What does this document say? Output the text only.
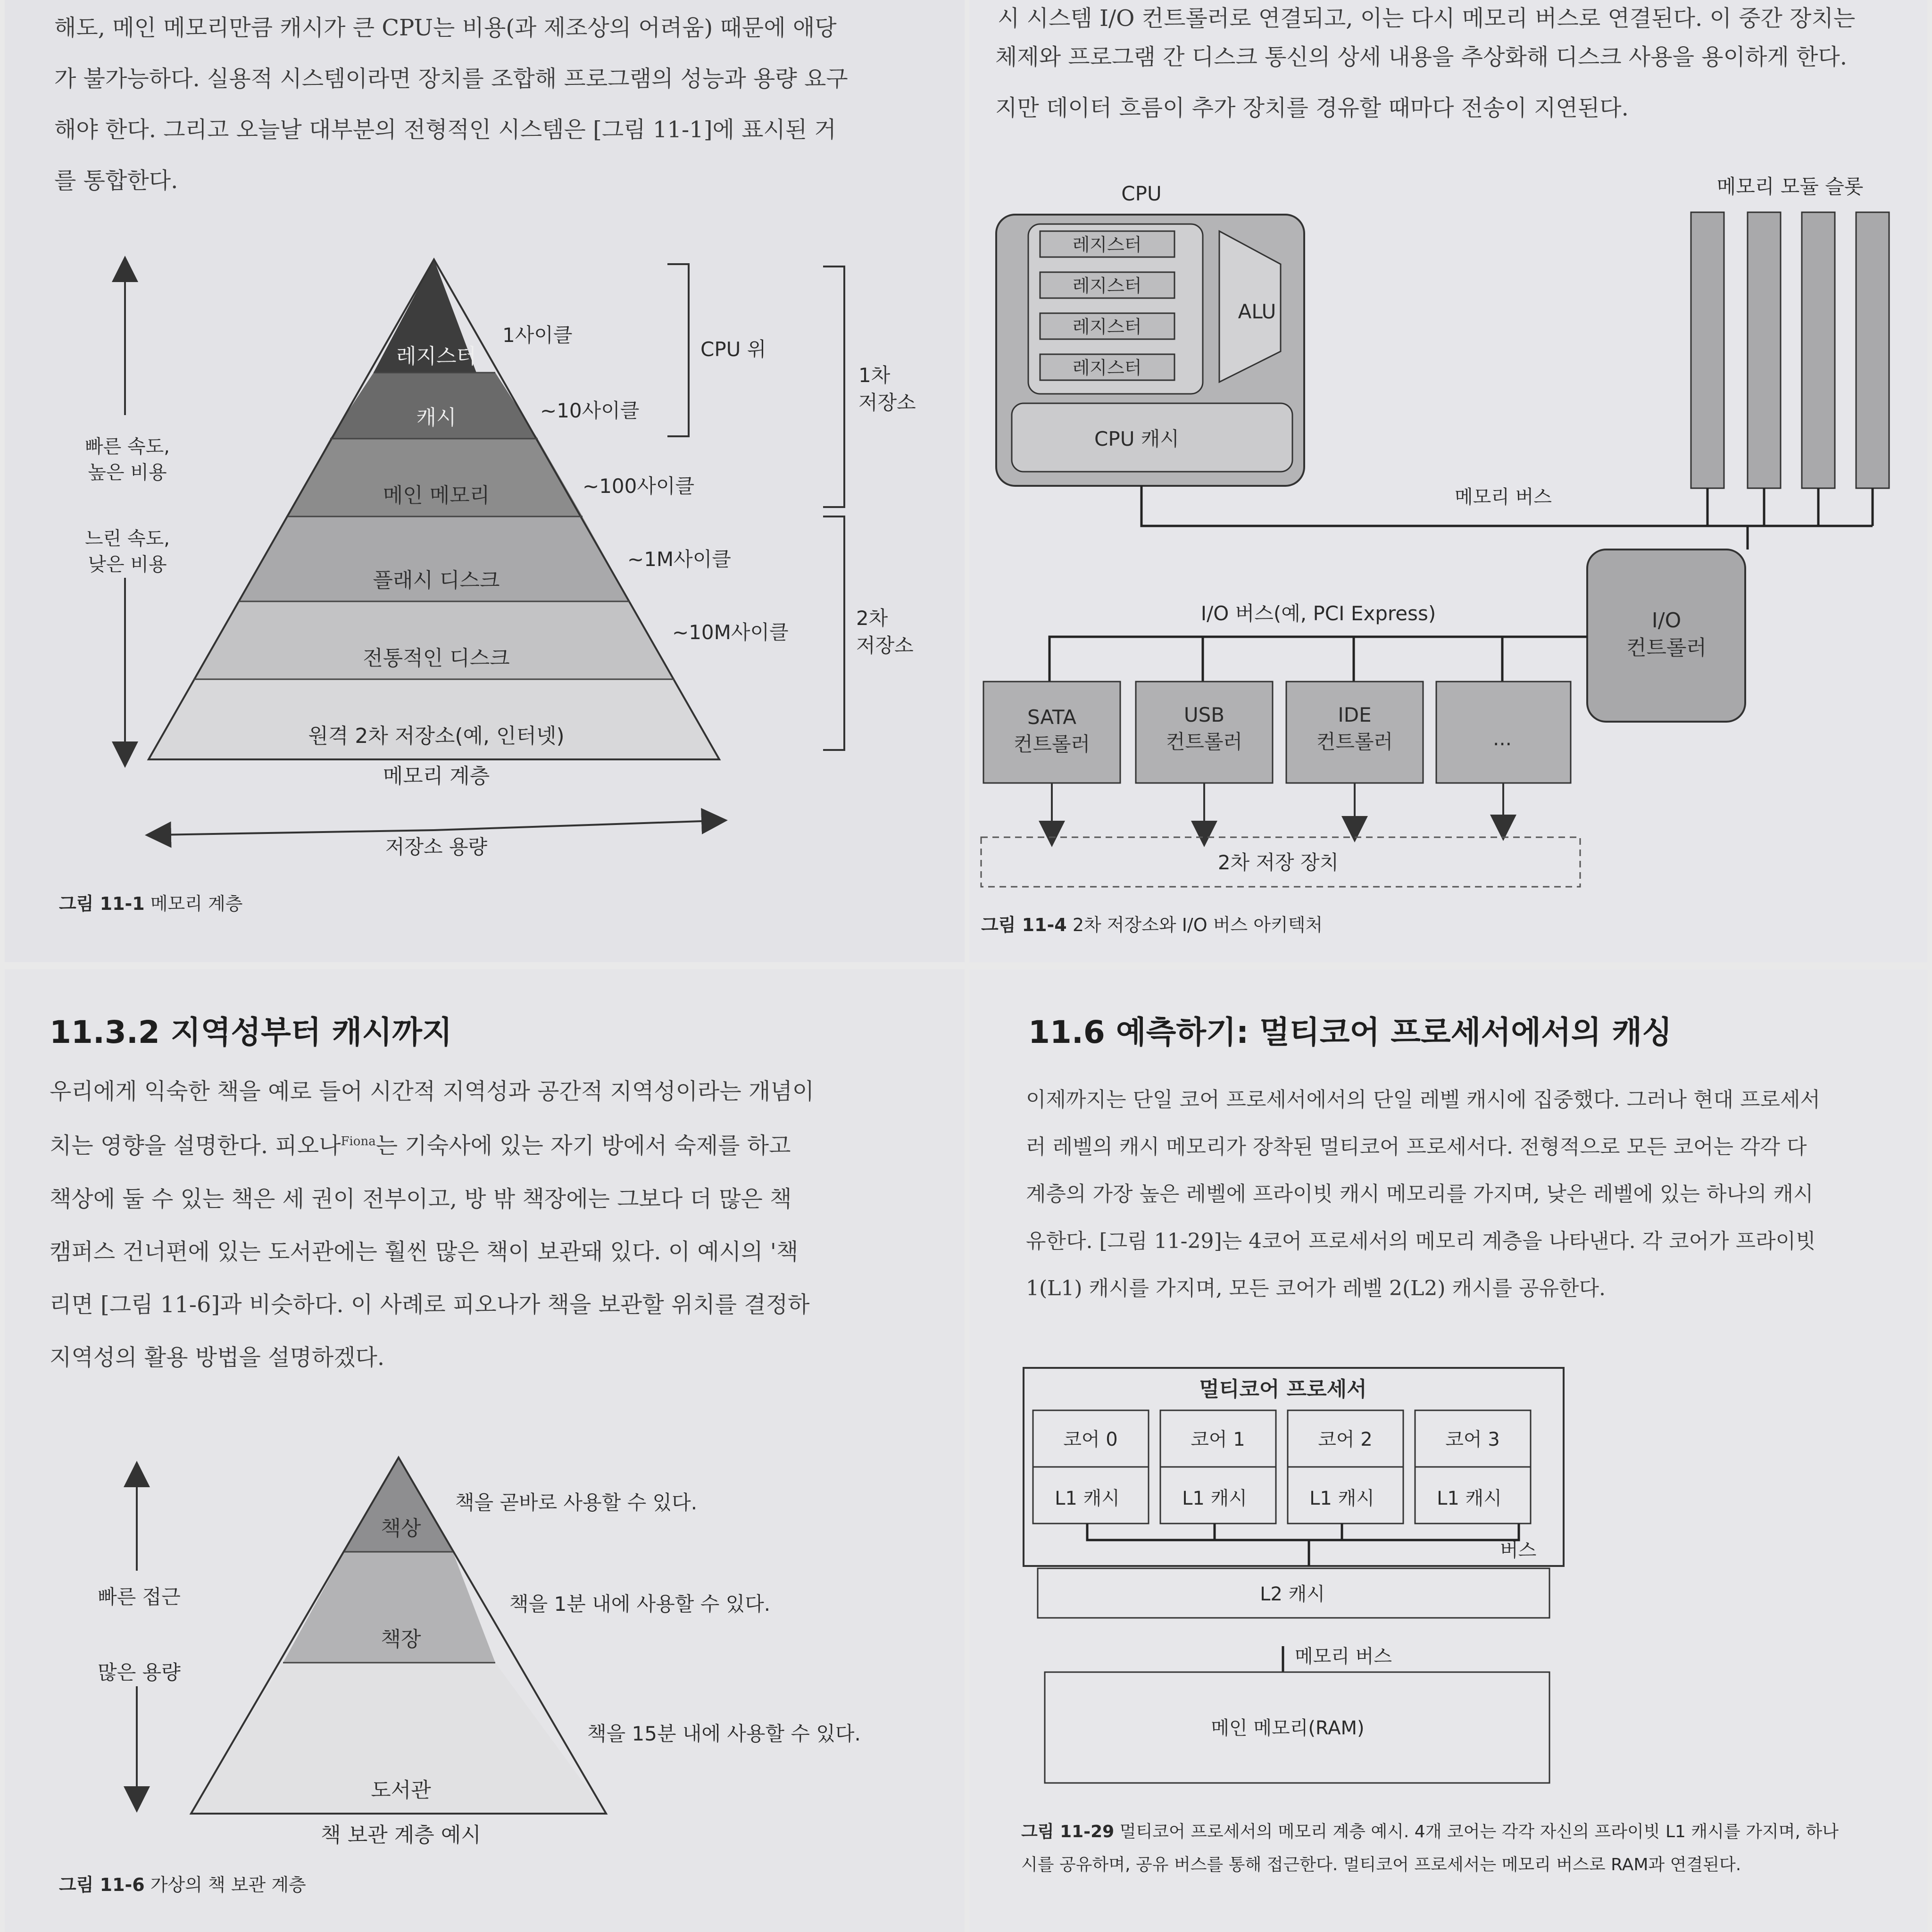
해도, 메인 메모리만큼 캐시가 큰 CPU는 비용(과 제조상의 어려움) 때문에 애당
가 불가능하다. 실용적 시스템이라면 장치를 조합해 프로그램의 성능과 용량 요구
해야 한다. 그리고 오늘날 대부분의 전형적인 시스템은 [그림 11-1]에 표시된 거
를 통합한다.
레지스터
캐시
메인 메모리
플래시 디스크
전통적인 디스크
원격 2차 저장소(예, 인터넷)
메모리 계층
1사이클
~10사이클
~100사이클
~1M사이클
~10M사이클
CPU 위
1차
저장소
2차
저장소
빠른 속도,
높은 비용
느린 속도,
낮은 비용
저장소 용량
그림 11-1 메모리 계층
시 시스템 I/O 컨트롤러로 연결되고, 이는 다시 메모리 버스로 연결된다. 이 중간 장치는
체제와 프로그램 간 디스크 통신의 상세 내용을 추상화해 디스크 사용을 용이하게 한다.
지만 데이터 흐름이 추가 장치를 경유할 때마다 전송이 지연된다.
CPU
레지스터
레지스터
레지스터
레지스터
ALU
CPU 캐시
메모리 모듈 슬롯
메모리 버스
I/O
컨트롤러
I/O 버스(예, PCI Express)
SATA
컨트롤러
USB
컨트롤러
IDE
컨트롤러	...
2차 저장 장치
그림 11-4 2차 저장소와 I/O 버스 아키텍처
11.3.2 지역성부터 캐시까지
우리에게 익숙한 책을 예로 들어 시간적 지역성과 공간적 지역성이라는 개념이
치는 영향을 설명한다. 피오나$^{Fiona}$는 기숙사에 있는 자기 방에서 숙제를 하고
책상에 둘 수 있는 책은 세 권이 전부이고, 방 밖 책장에는 그보다 더 많은 책
캠퍼스 건너편에 있는 도서관에는 훨씬 많은 책이 보관돼 있다. 이 예시의 '책
리면 [그림 11-6]과 비슷하다. 이 사례로 피오나가 책을 보관할 위치를 결정하
지역성의 활용 방법을 설명하겠다.
책상
책장
도서관
책 보관 계층 예시
책을 곧바로 사용할 수 있다.
책을 1분 내에 사용할 수 있다.
책을 15분 내에 사용할 수 있다.
빠른 접근
많은 용량
그림 11-6 가상의 책 보관 계층
11.6 예측하기: 멀티코어 프로세서에서의 캐싱
이제까지는 단일 코어 프로세서에서의 단일 레벨 캐시에 집중했다. 그러나 현대 프로세서
러 레벨의 캐시 메모리가 장착된 멀티코어 프로세서다. 전형적으로 모든 코어는 각각 다
계층의 가장 높은 레벨에 프라이빗 캐시 메모리를 가지며, 낮은 레벨에 있는 하나의 캐시
유한다. [그림 11-29]는 4코어 프로세서의 메모리 계층을 나타낸다. 각 코어가 프라이빗
1(L1) 캐시를 가지며, 모든 코어가 레벨 2(L2) 캐시를 공유한다.
멀티코어 프로세서
코어 0	코어 1	코어 2	코어 3
L1 캐시	L1 캐시	L1 캐시	L1 캐시
버스
L2 캐시
메모리 버스
메인 메모리(RAM)
그림 11-29 멀티코어 프로세서의 메모리 계층 예시. 4개 코어는 각각 자신의 프라이빗 L1 캐시를 가지며, 하나
시를 공유하며, 공유 버스를 통해 접근한다. 멀티코어 프로세서는 메모리 버스로 RAM과 연결된다.
